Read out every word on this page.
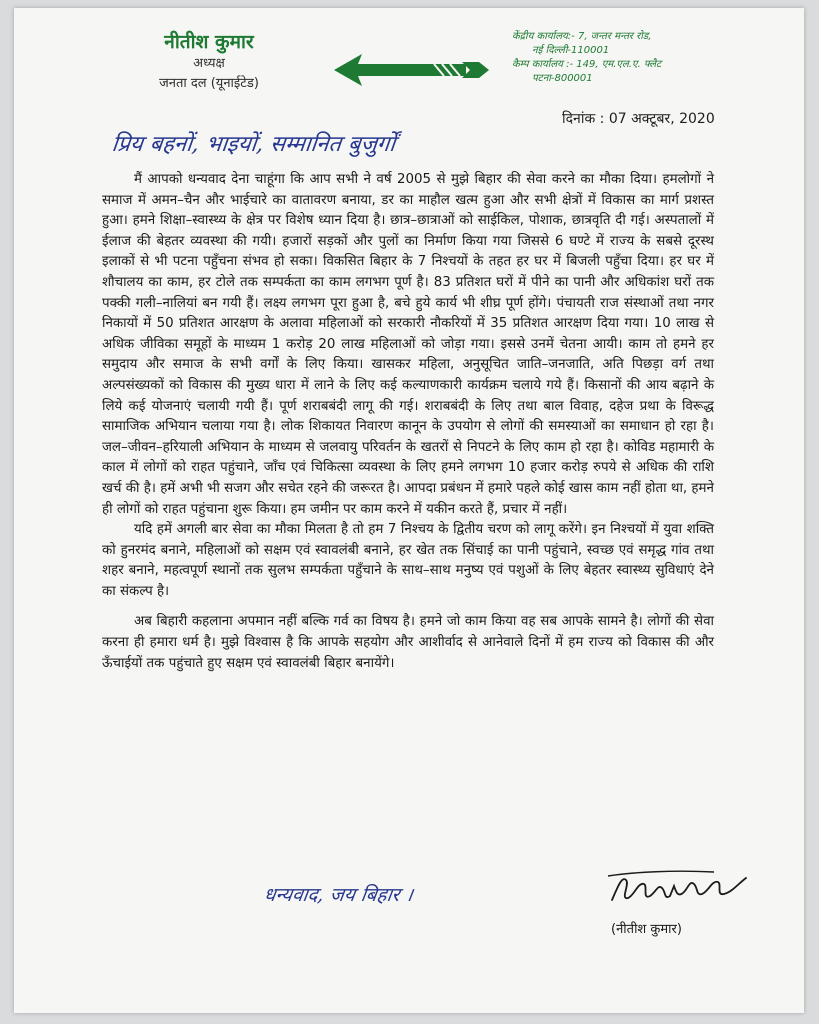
नीतीश कुमार
अध्यक्ष
जनता दल (यूनाईटेड)
केंद्रीय कार्यालय:- 7, जन्तर मन्तर रोड,
नई दिल्ली-110001
कैम्प कार्यालय :- 149, एम.एल.ए. फ्लैट
पटना-800001
दिनांक : 07 अक्टूबर, 2020
प्रिय बहनों, भाइयों, सम्मानित बुजुर्गों

मैं आपको धन्यवाद देना चाहूंगा कि आप सभी ने वर्ष 2005 से मुझे बिहार की सेवा करने का मौका दिया। हमलोगों ने समाज में अमन–चैन और भाईचारे का वातावरण बनाया, डर का माहौल खत्म हुआ और सभी क्षेत्रों में विकास का मार्ग प्रशस्त हुआ। हमने शिक्षा–स्वास्थ्य के क्षेत्र पर विशेष ध्यान दिया है। छात्र–छात्राओं को साईकिल, पोशाक, छात्रवृति दी गई। अस्पतालों में ईलाज की बेहतर व्यवस्था की गयी। हजारों सड़कों और पुलों का निर्माण किया गया जिससे 6 घण्टे में राज्य के सबसे दूरस्थ इलाकों से भी पटना पहुँचना संभव हो सका। विकसित बिहार के 7 निश्चयों के तहत हर घर में बिजली पहुँचा दिया। हर घर में शौचालय का काम, हर टोले तक सम्पर्कता का काम लगभग पूर्ण है। 83 प्रतिशत घरों में पीने का पानी और अधिकांश घरों तक पक्की गली–नालियां बन गयी हैं। लक्ष्य लगभग पूरा हुआ है, बचे हुये कार्य भी शीघ्र पूर्ण होंगे। पंचायती राज संस्थाओं तथा नगर निकायों में 50 प्रतिशत आरक्षण के अलावा महिलाओं को सरकारी नौकरियों में 35 प्रतिशत आरक्षण दिया गया। 10 लाख से अधिक जीविका समूहों के माध्यम 1 करोड़ 20 लाख महिलाओं को जोड़ा गया। इससे उनमें चेतना आयी। काम तो हमने हर समुदाय और समाज के सभी वर्गों के लिए किया। खासकर महिला, अनुसूचित जाति–जनजाति, अति पिछड़ा वर्ग तथा अल्पसंख्यकों को विकास की मुख्य धारा में लाने के लिए कई कल्याणकारी कार्यक्रम चलाये गये हैं। किसानों की आय बढ़ाने के लिये कई योजनाएं चलायी गयी हैं। पूर्ण शराबबंदी लागू की गई। शराबबंदी के लिए तथा बाल विवाह, दहेज प्रथा के विरूद्ध सामाजिक अभियान चलाया गया है। लोक शिकायत निवारण कानून के उपयोग से लोगों की समस्याओं का समाधान हो रहा है। जल–जीवन–हरियाली अभियान के माध्यम से जलवायु परिवर्तन के खतरों से निपटने के लिए काम हो रहा है। कोविड महामारी के काल में लोगों को राहत पहुंचाने, जाँच एवं चिकित्सा व्यवस्था के लिए हमने लगभग 10 हजार करोड़ रुपये से अधिक की राशि खर्च की है। हमें अभी भी सजग और सचेत रहने की जरूरत है। आपदा प्रबंधन में हमारे पहले कोई खास काम नहीं होता था, हमने ही लोगों को राहत पहुंचाना शुरू किया। हम जमीन पर काम करने में यकीन करते हैं, प्रचार में नहीं।

यदि हमें अगली बार सेवा का मौका मिलता है तो हम 7 निश्चय के द्वितीय चरण को लागू करेंगे। इन निश्चयों में युवा शक्ति को हुनरमंद बनाने, महिलाओं को सक्षम एवं स्वावलंबी बनाने, हर खेत तक सिंचाई का पानी पहुंचाने, स्वच्छ एवं समृद्ध गांव तथा शहर बनाने, महत्वपूर्ण स्थानों तक सुलभ सम्पर्कता पहुँचाने के साथ–साथ मनुष्य एवं पशुओं के लिए बेहतर स्वास्थ्य सुविधाएं देने का संकल्प है।

अब बिहारी कहलाना अपमान नहीं बल्कि गर्व का विषय है। हमने जो काम किया वह सब आपके सामने है। लोगों की सेवा करना ही हमारा धर्म है। मुझे विश्वास है कि आपके सहयोग और आशीर्वाद से आनेवाले दिनों में हम राज्य को विकास की और ऊँचाईयों तक पहुंचाते हुए सक्षम एवं स्वावलंबी बिहार बनायेंगे।

धन्यवाद, जय बिहार ।
(नीतीश कुमार)
